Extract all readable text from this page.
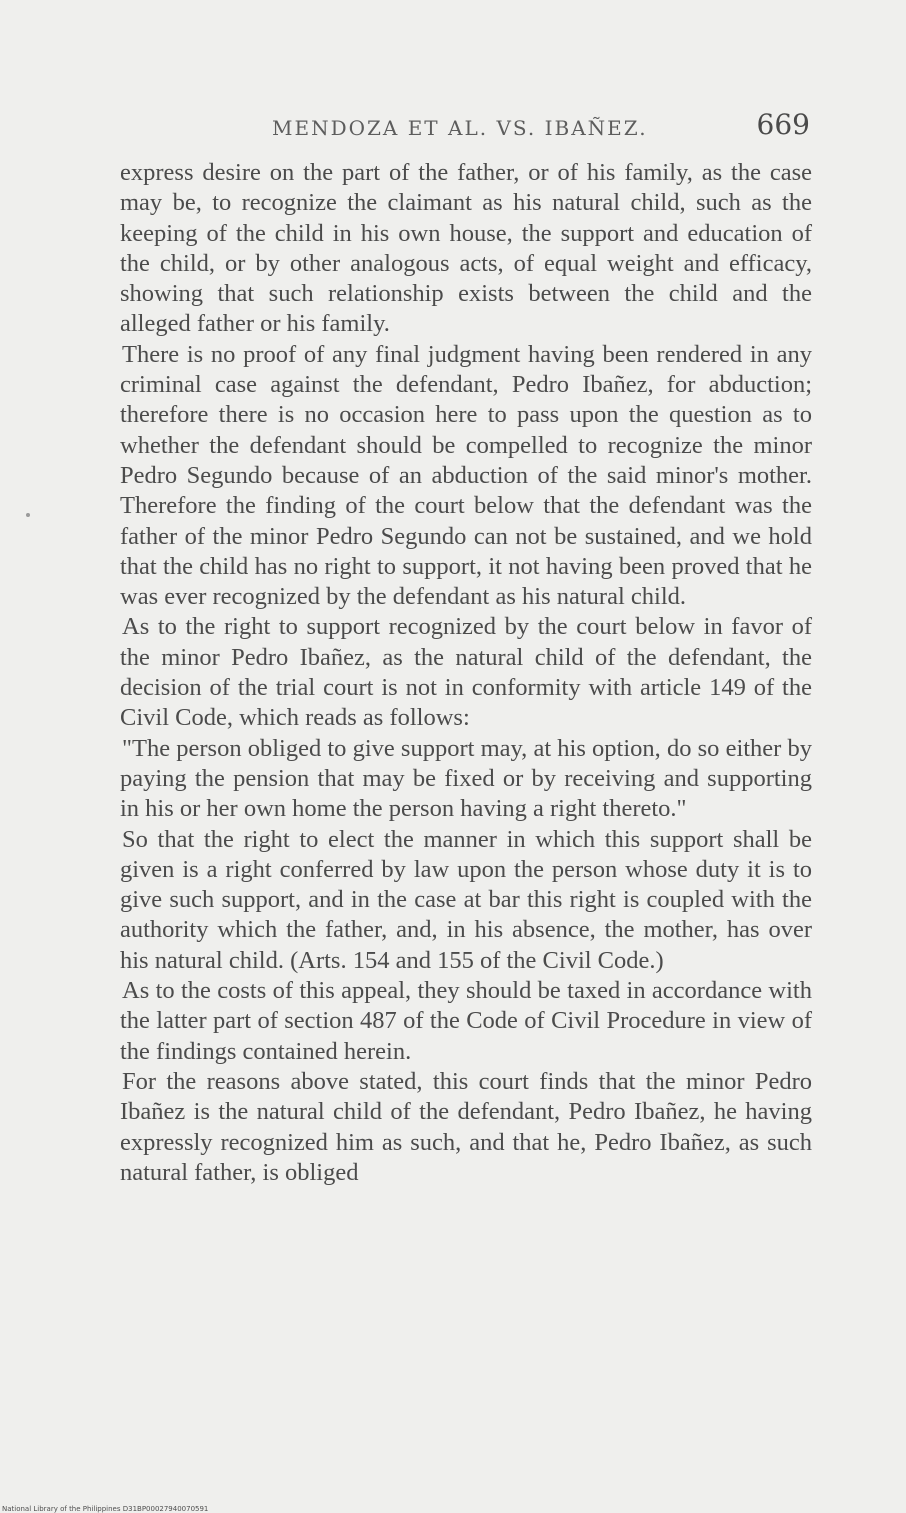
MENDOZA ET AL. VS. IBAÑEZ.	669

express desire on the part of the father, or of his family, as the case may be, to recognize the claimant as his natural child, such as the keeping of the child in his own house, the support and education of the child, or by other analogous acts, of equal weight and efficacy, showing that such relationship exists between the child and the alleged father or his family.

There is no proof of any final judgment having been rendered in any criminal case against the defendant, Pedro Ibañez, for abduction; therefore there is no occasion here to pass upon the question as to whether the defendant should be compelled to recognize the minor Pedro Segundo because of an abduction of the said minor's mother. Therefore the finding of the court below that the defendant was the father of the minor Pedro Segundo can not be sustained, and we hold that the child has no right to support, it not having been proved that he was ever recognized by the defendant as his natural child.

As to the right to support recognized by the court below in favor of the minor Pedro Ibañez, as the natural child of the defendant, the decision of the trial court is not in conformity with article 149 of the Civil Code, which reads as follows:

"The person obliged to give support may, at his option, do so either by paying the pension that may be fixed or by receiving and supporting in his or her own home the person having a right thereto."

So that the right to elect the manner in which this support shall be given is a right conferred by law upon the person whose duty it is to give such support, and in the case at bar this right is coupled with the authority which the father, and, in his absence, the mother, has over his natural child. (Arts. 154 and 155 of the Civil Code.)

As to the costs of this appeal, they should be taxed in accordance with the latter part of section 487 of the Code of Civil Procedure in view of the findings contained herein.

For the reasons above stated, this court finds that the minor Pedro Ibañez is the natural child of the defendant, Pedro Ibañez, he having expressly recognized him as such, and that he, Pedro Ibañez, as such natural father, is obliged

National Library of the Philippines D31BP00027940070591
